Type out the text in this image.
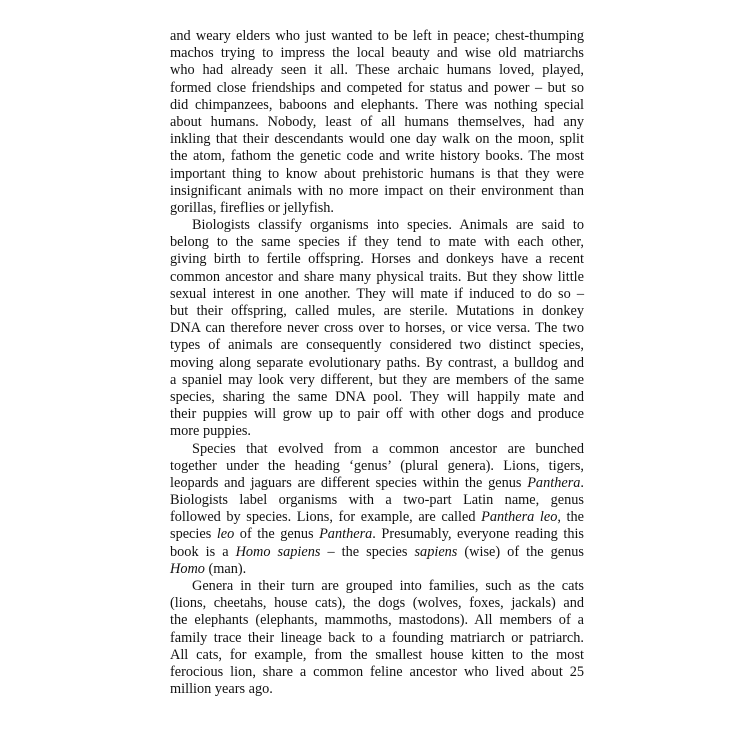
and weary elders who just wanted to be left in peace; chest-thumping
machos trying to impress the local beauty and wise old matriarchs
who had already seen it all. These archaic humans loved, played,
formed close friendships and competed for status and power – but so
did chimpanzees, baboons and elephants. There was nothing special
about humans. Nobody, least of all humans themselves, had any
inkling that their descendants would one day walk on the moon, split
the atom, fathom the genetic code and write history books. The most
important thing to know about prehistoric humans is that they were
insignificant animals with no more impact on their environment than
gorillas, fireflies or jellyfish.
Biologists classify organisms into species. Animals are said to
belong to the same species if they tend to mate with each other,
giving birth to fertile offspring. Horses and donkeys have a recent
common ancestor and share many physical traits. But they show little
sexual interest in one another. They will mate if induced to do so –
but their offspring, called mules, are sterile. Mutations in donkey
DNA can therefore never cross over to horses, or vice versa. The two
types of animals are consequently considered two distinct species,
moving along separate evolutionary paths. By contrast, a bulldog and
a spaniel may look very different, but they are members of the same
species, sharing the same DNA pool. They will happily mate and
their puppies will grow up to pair off with other dogs and produce
more puppies.
Species that evolved from a common ancestor are bunched
together under the heading ‘genus’ (plural genera). Lions, tigers,
leopards and jaguars are different species within the genus Panthera.
Biologists label organisms with a two-part Latin name, genus
followed by species. Lions, for example, are called Panthera leo, the
species leo of the genus Panthera. Presumably, everyone reading this
book is a Homo sapiens – the species sapiens (wise) of the genus
Homo (man).
Genera in their turn are grouped into families, such as the cats
(lions, cheetahs, house cats), the dogs (wolves, foxes, jackals) and
the elephants (elephants, mammoths, mastodons). All members of a
family trace their lineage back to a founding matriarch or patriarch.
All cats, for example, from the smallest house kitten to the most
ferocious lion, share a common feline ancestor who lived about 25
million years ago.
